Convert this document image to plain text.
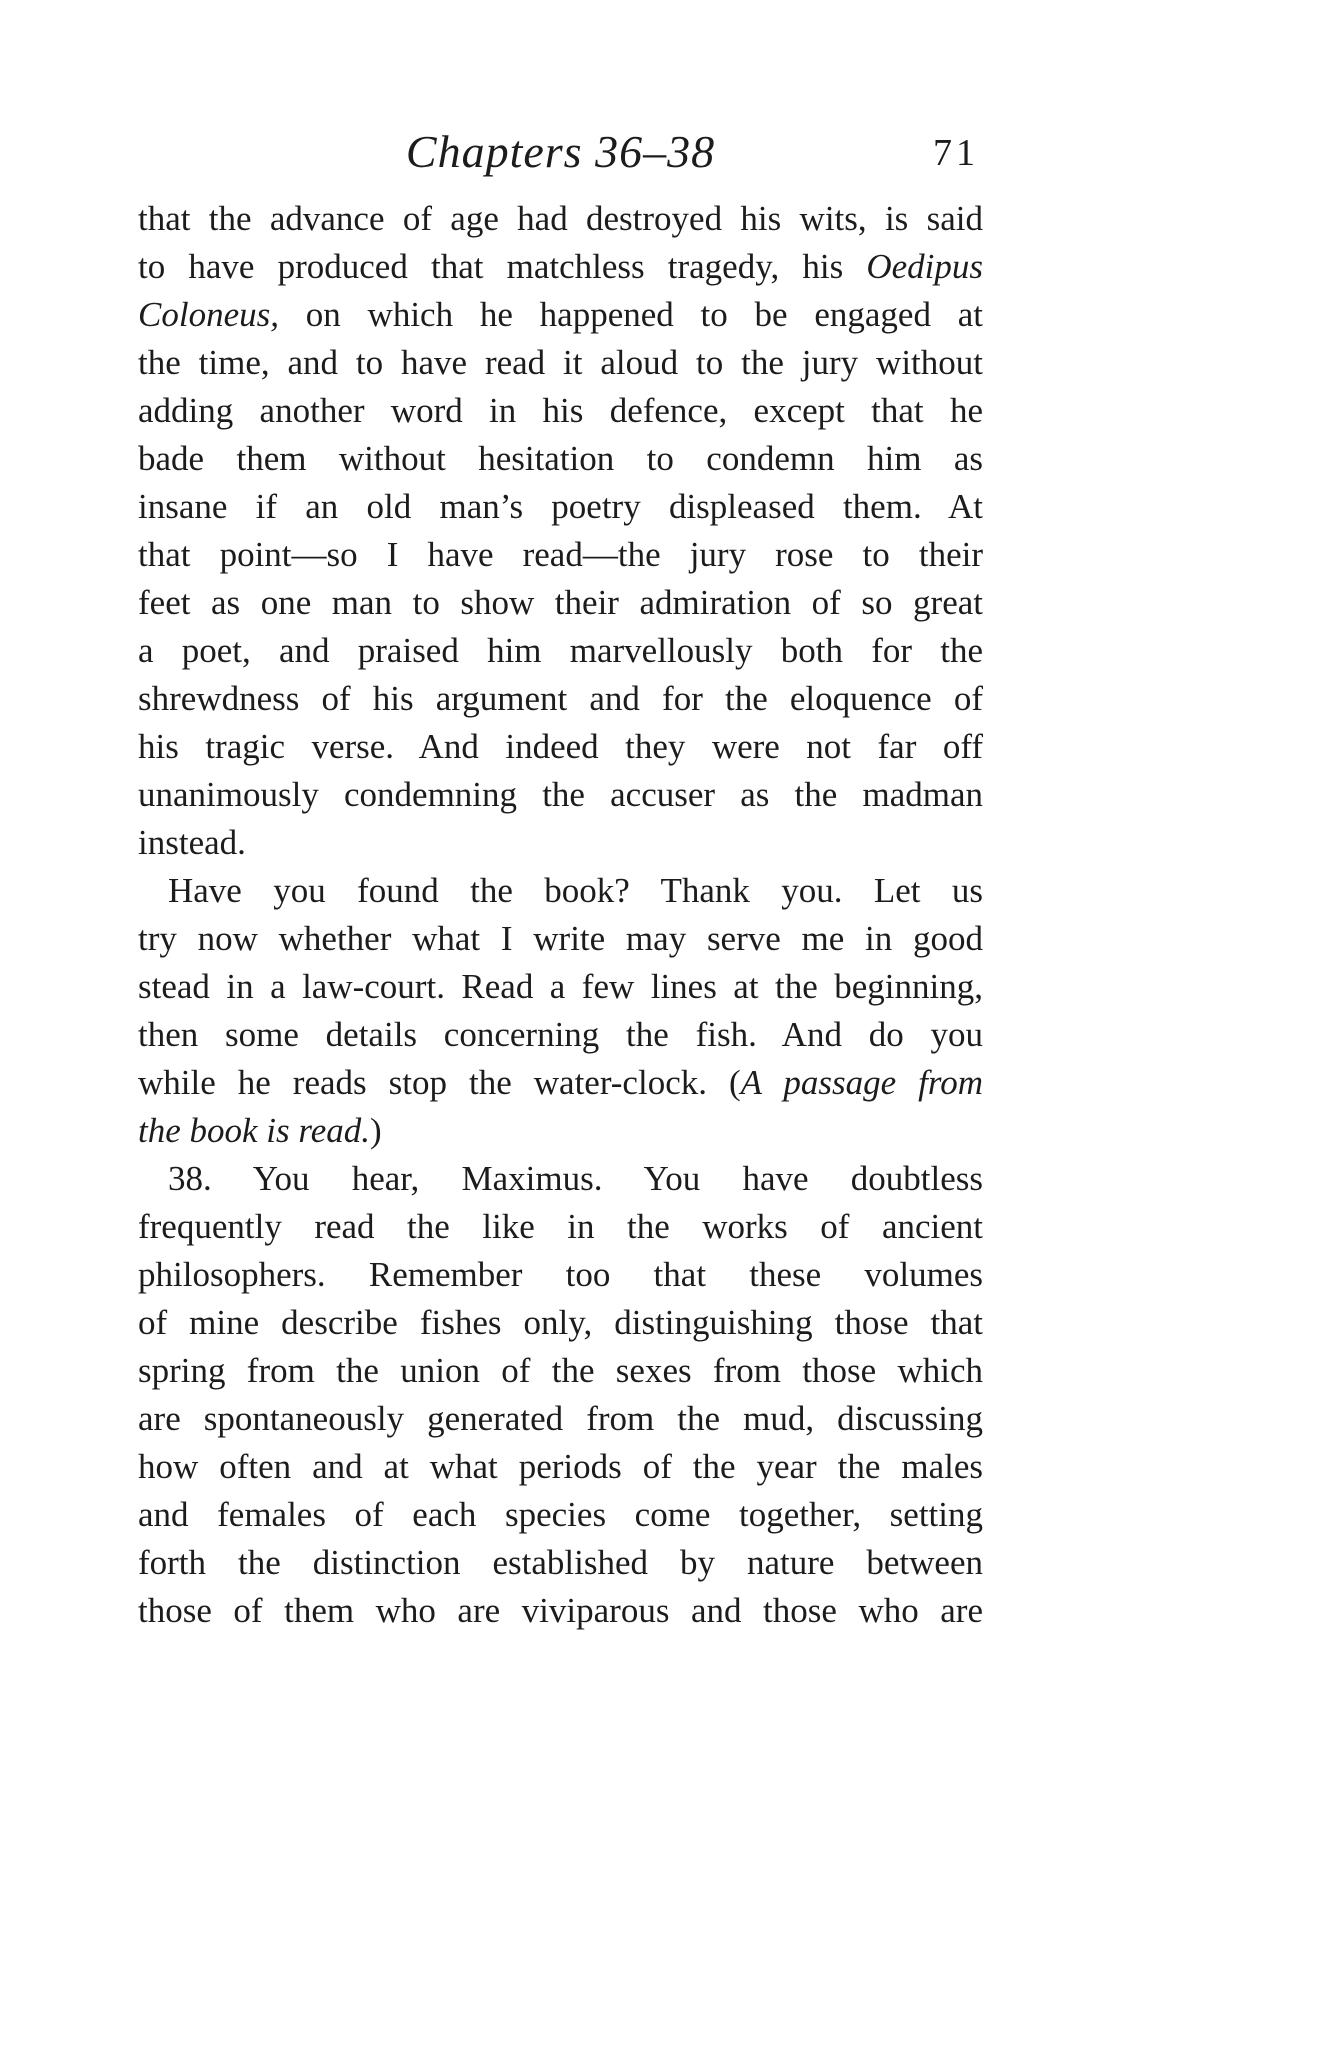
Chapters 36–38	71
that the advance of age had destroyed his wits, is said
to have produced that matchless tragedy, his Oedipus
Coloneus, on which he happened to be engaged at
the time, and to have read it aloud to the jury without
adding another word in his defence, except that he
bade them without hesitation to condemn him as
insane if an old man’s poetry displeased them. At
that point—so I have read—the jury rose to their
feet as one man to show their admiration of so great
a poet, and praised him marvellously both for the
shrewdness of his argument and for the eloquence of
his tragic verse. And indeed they were not far off
unanimously condemning the accuser as the madman
instead.
Have you found the book? Thank you. Let us
try now whether what I write may serve me in good
stead in a law-court. Read a few lines at the beginning,
then some details concerning the fish. And do you
while he reads stop the water-clock. (A passage from
the book is read.)
38. You hear, Maximus. You have doubtless
frequently read the like in the works of ancient
philosophers. Remember too that these volumes
of mine describe fishes only, distinguishing those that
spring from the union of the sexes from those which
are spontaneously generated from the mud, discussing
how often and at what periods of the year the males
and females of each species come together, setting
forth the distinction established by nature between
those of them who are viviparous and those who are
